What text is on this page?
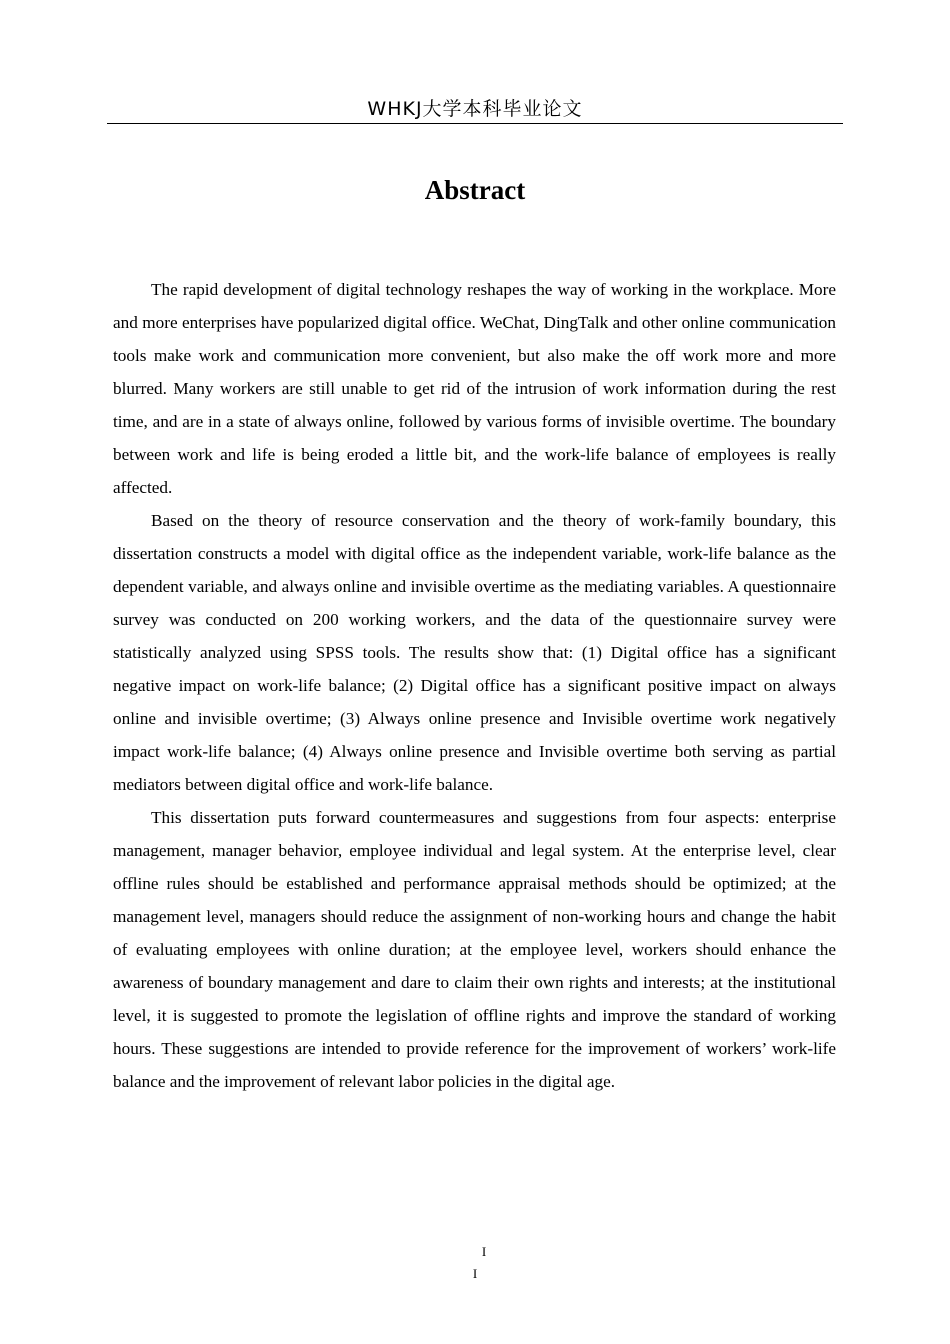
WHKJ大学本科毕业论文
Abstract

The rapid development of digital technology reshapes the way of working in the workplace. More and more enterprises have popularized digital office. WeChat, DingTalk and other online communication tools make work and communication more convenient, but also make the off work more and more blurred. Many workers are still unable to get rid of the intrusion of work information during the rest time, and are in a state of always online, followed by various forms of invisible overtime. The boundary between work and life is being eroded a little bit, and the work-life balance of employees is really affected.

Based on the theory of resource conservation and the theory of work-family boundary, this dissertation constructs a model with digital office as the independent variable, work-life balance as the dependent variable, and always online and invisible overtime as the mediating variables. A questionnaire survey was conducted on 200 working workers, and the data of the questionnaire survey were statistically analyzed using SPSS tools. The results show that: (1) Digital office has a significant negative impact on work-life balance; (2) Digital office has a significant positive impact on always online and invisible overtime; (3) Always online presence and Invisible overtime work negatively impact work-life balance; (4) Always online presence and Invisible overtime both serving as partial mediators between digital office and work-life balance.

This dissertation puts forward countermeasures and suggestions from four aspects: enterprise management, manager behavior, employee individual and legal system. At the enterprise level, clear offline rules should be established and performance appraisal methods should be optimized; at the management level, managers should reduce the assignment of non-working hours and change the habit of evaluating employees with online duration; at the employee level, workers should enhance the awareness of boundary management and dare to claim their own rights and interests; at the institutional level, it is suggested to promote the legislation of offline rights and improve the standard of working hours. These suggestions are intended to provide reference for the improvement of workers’ work-life balance and the improvement of relevant labor policies in the digital age.

I
I
